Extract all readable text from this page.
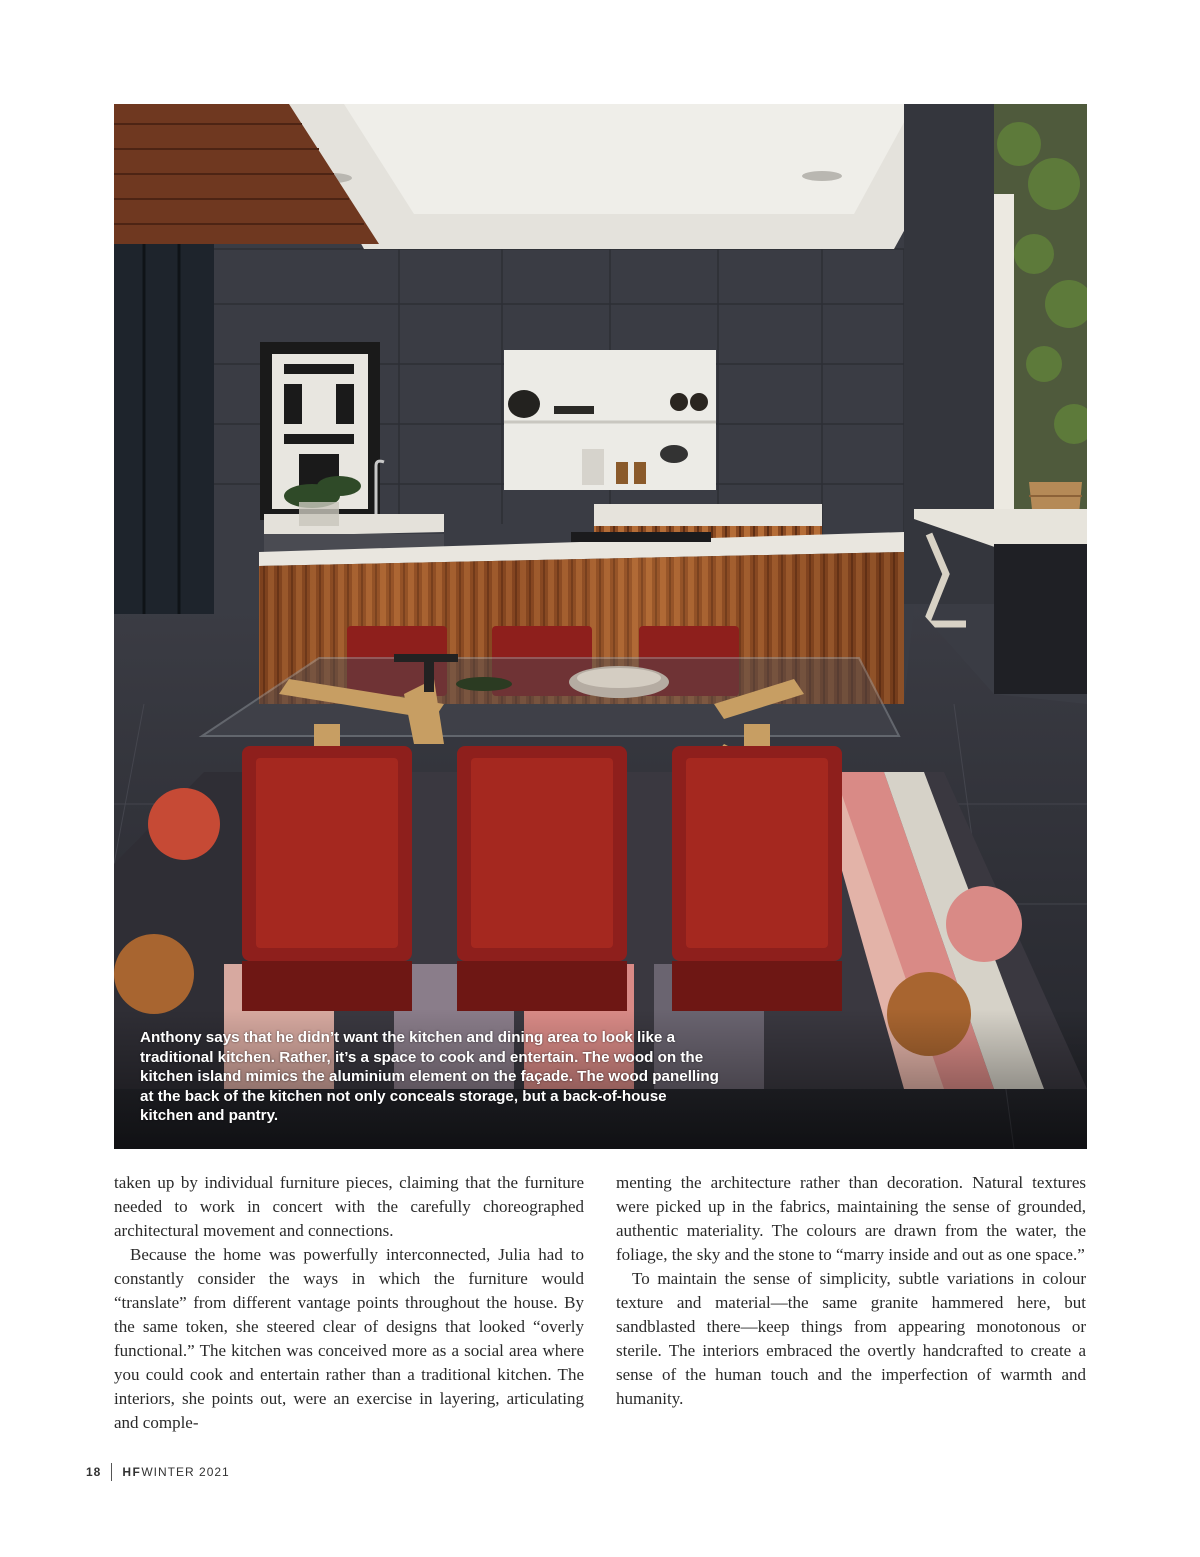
Anthony says that he didn’t want the kitchen and dining area to look like a traditional kitchen. Rather, it’s a space to cook and entertain. The wood on the kitchen island mimics the aluminium element on the façade. The wood panelling at the back of the kitchen not only conceals storage, but a back-of-house kitchen and pantry.

taken up by individual furniture pieces, claiming that the furniture needed to work in concert with the carefully choreographed architectural movement and connections.

Because the home was powerfully interconnected, Julia had to constantly consider the ways in which the furniture would “translate” from different vantage points throughout the house. By the same token, she steered clear of designs that looked “overly functional.” The kitchen was conceived more as a social area where you could cook and entertain rather than a traditional kitchen. The interiors, she points out, were an exercise in layering, articulating and comple-

menting the architecture rather than decoration. Natural textures were picked up in the fabrics, maintaining the sense of grounded, authentic materiality. The colours are drawn from the water, the foliage, the sky and the stone to “marry inside and out as one space.”

To maintain the sense of simplicity, subtle variations in colour texture and material—the same granite hammered here, but sandblasted there—keep things from appearing monotonous or sterile. The interiors embraced the overtly handcrafted to create a sense of the human touch and the imperfection of warmth and humanity.

18 HF WINTER 2021
